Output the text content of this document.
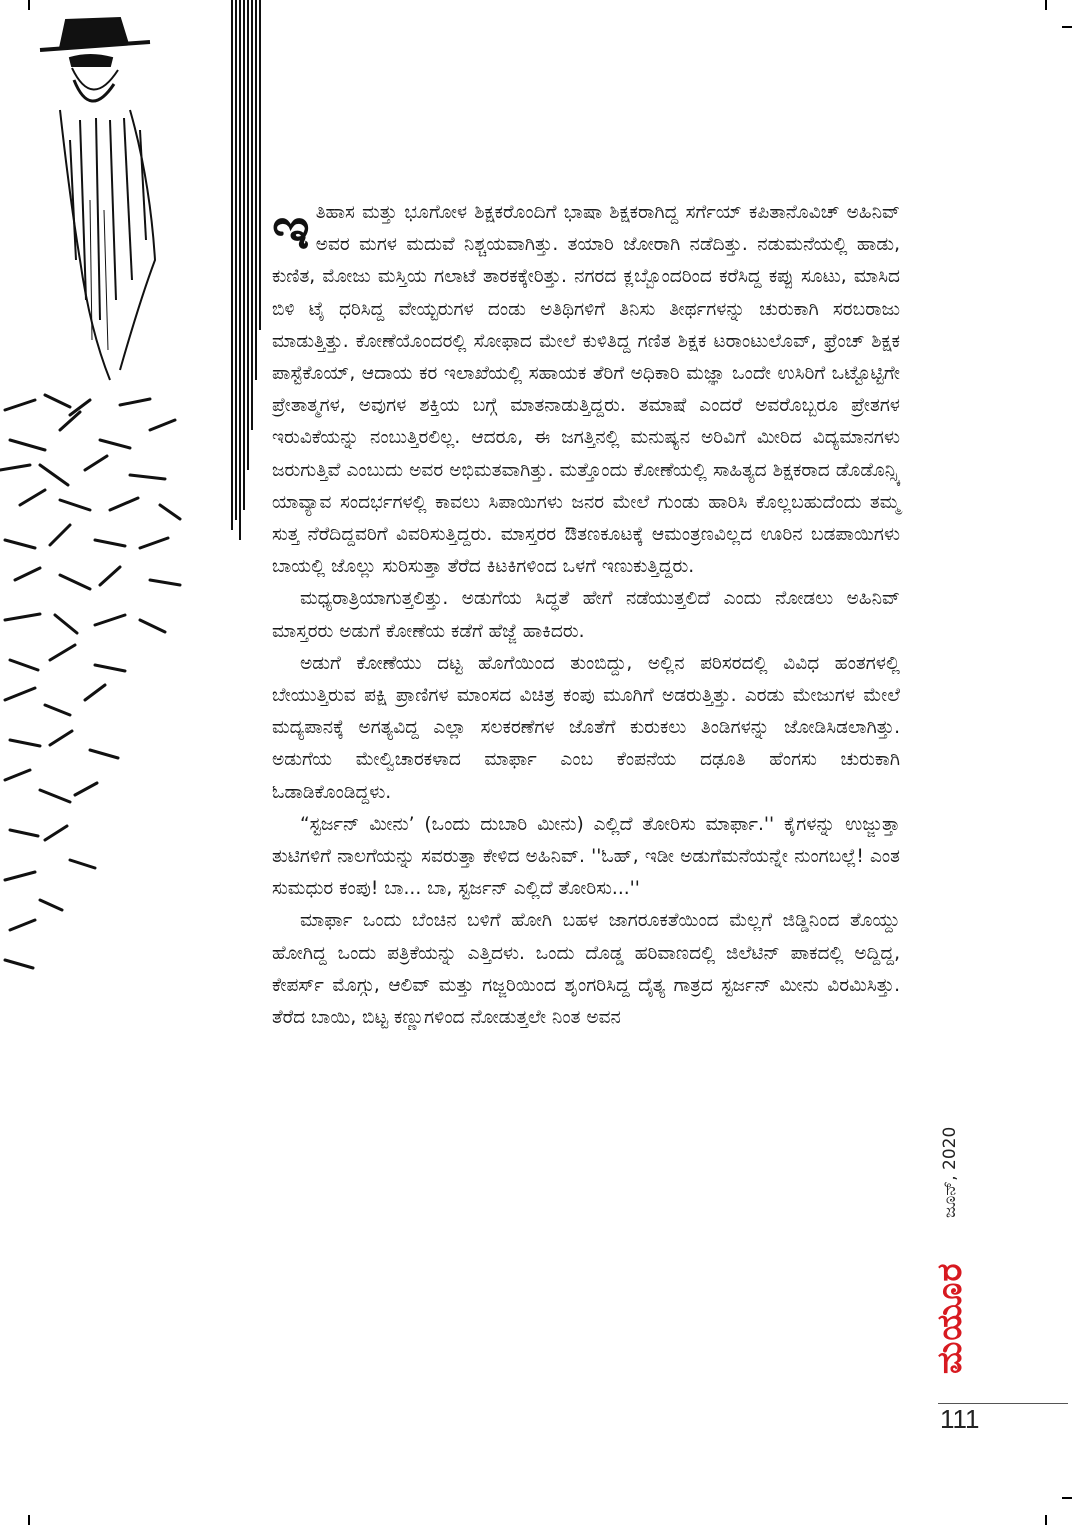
ಇತಿಹಾಸ ಮತ್ತು ಭೂಗೋಳ ಶಿಕ್ಷಕರೊಂದಿಗೆ ಭಾಷಾ ಶಿಕ್ಷಕರಾಗಿದ್ದ ಸರ್ಗೆಯ್ ಕಪಿತಾನೊವಿಚ್ ಅಹಿನಿವ್ ಅವರ ಮಗಳ ಮದುವೆ ನಿಶ್ಚಯವಾಗಿತ್ತು. ತಯಾರಿ ಜೋರಾಗಿ ನಡೆದಿತ್ತು. ನಡುಮನೆಯಲ್ಲಿ ಹಾಡು, ಕುಣಿತ, ಮೋಜು ಮಸ್ತಿಯ ಗಲಾಟೆ ತಾರಕಕ್ಕೇರಿತ್ತು. ನಗರದ ಕ್ಲಬ್ಬೊಂದರಿಂದ ಕರೆಸಿದ್ದ ಕಪ್ಪು ಸೂಟು, ಮಾಸಿದ ಬಿಳಿ ಟೈ ಧರಿಸಿದ್ದ ವೇಯ್ಟರುಗಳ ದಂಡು ಅತಿಥಿಗಳಿಗೆ ತಿನಿಸು ತೀರ್ಥಗಳನ್ನು ಚುರುಕಾಗಿ ಸರಬರಾಜು ಮಾಡುತ್ತಿತ್ತು. ಕೋಣೆಯೊಂದರಲ್ಲಿ ಸೋಫಾದ ಮೇಲೆ ಕುಳಿತಿದ್ದ ಗಣಿತ ಶಿಕ್ಷಕ ಟರಾಂಟುಲೊವ್, ಫ್ರೆಂಚ್ ಶಿಕ್ಷಕ ಪಾಸ್ಟೆಕೊಯ್, ಆದಾಯ ಕರ ಇಲಾಖೆಯಲ್ಲಿ ಸಹಾಯಕ ತೆರಿಗೆ ಅಧಿಕಾರಿ ಮಜ್ಞಾ ಒಂದೇ ಉಸಿರಿಗೆ ಒಟ್ಟೊಟ್ಟಿಗೇ ಪ್ರೇತಾತ್ಮಗಳ, ಅವುಗಳ ಶಕ್ತಿಯ ಬಗ್ಗೆ ಮಾತನಾಡುತ್ತಿದ್ದರು. ತಮಾಷೆ ಎಂದರೆ ಅವರೊಬ್ಬರೂ ಪ್ರೇತಗಳ ಇರುವಿಕೆಯನ್ನು ನಂಬುತ್ತಿರಲಿಲ್ಲ. ಆದರೂ, ಈ ಜಗತ್ತಿನಲ್ಲಿ ಮನುಷ್ಯನ ಅರಿವಿಗೆ ಮೀರಿದ ವಿದ್ಯಮಾನಗಳು ಜರುಗುತ್ತಿವೆ ಎಂಬುದು ಅವರ ಅಭಿಮತವಾಗಿತ್ತು. ಮತ್ತೊಂದು ಕೋಣೆಯಲ್ಲಿ ಸಾಹಿತ್ಯದ ಶಿಕ್ಷಕರಾದ ಡೊಡೊನ್ಸ್ಕಿ ಯಾವ್ಯಾವ ಸಂದರ್ಭಗಳಲ್ಲಿ ಕಾವಲು ಸಿಪಾಯಿಗಳು ಜನರ ಮೇಲೆ ಗುಂಡು ಹಾರಿಸಿ ಕೊಲ್ಲಬಹುದೆಂದು ತಮ್ಮ ಸುತ್ತ ನೆರೆದಿದ್ದವರಿಗೆ ವಿವರಿಸುತ್ತಿದ್ದರು. ಮಾಸ್ತರರ ಔತಣಕೂಟಕ್ಕೆ ಆಮಂತ್ರಣವಿಲ್ಲದ ಊರಿನ ಬಡಪಾಯಿಗಳು ಬಾಯಲ್ಲಿ ಜೊಲ್ಲು ಸುರಿಸುತ್ತಾ ತೆರೆದ ಕಿಟಕಿಗಳಿಂದ ಒಳಗೆ ಇಣುಕುತ್ತಿದ್ದರು.

ಮಧ್ಯರಾತ್ರಿಯಾಗುತ್ತಲಿತ್ತು. ಅಡುಗೆಯ ಸಿದ್ಧತೆ ಹೇಗೆ ನಡೆಯುತ್ತಲಿದೆ ಎಂದು ನೋಡಲು ಅಹಿನಿವ್ ಮಾಸ್ತರರು ಅಡುಗೆ ಕೋಣೆಯ ಕಡೆಗೆ ಹೆಜ್ಜೆ ಹಾಕಿದರು.

ಅಡುಗೆ ಕೋಣೆಯು ದಟ್ಟ ಹೊಗೆಯಿಂದ ತುಂಬಿದ್ದು, ಅಲ್ಲಿನ ಪರಿಸರದಲ್ಲಿ ವಿವಿಧ ಹಂತಗಳಲ್ಲಿ ಬೇಯುತ್ತಿರುವ ಪಕ್ಷಿ ಪ್ರಾಣಿಗಳ ಮಾಂಸದ ವಿಚಿತ್ರ ಕಂಪು ಮೂಗಿಗೆ ಅಡರುತ್ತಿತ್ತು. ಎರಡು ಮೇಜುಗಳ ಮೇಲೆ ಮದ್ಯಪಾನಕ್ಕೆ ಅಗತ್ಯವಿದ್ದ ಎಲ್ಲಾ ಸಲಕರಣೆಗಳ ಜೊತೆಗೆ ಕುರುಕಲು ತಿಂಡಿಗಳನ್ನು ಜೋಡಿಸಿಡಲಾಗಿತ್ತು. ಅಡುಗೆಯ ಮೇಲ್ವಿಚಾರಕಳಾದ ಮಾರ್ಫಾ ಎಂಬ ಕೆಂಪನೆಯ ದಢೂತಿ ಹೆಂಗಸು ಚುರುಕಾಗಿ ಓಡಾಡಿಕೊಂಡಿದ್ದಳು.

“ಸ್ಟರ್ಜನ್ ಮೀನು’ (ಒಂದು ದುಬಾರಿ ಮೀನು) ಎಲ್ಲಿದೆ ತೋರಿಸು ಮಾರ್ಫಾ.'' ಕೈಗಳನ್ನು ಉಜ್ಜುತ್ತಾ ತುಟಿಗಳಿಗೆ ನಾಲಗೆಯನ್ನು ಸವರುತ್ತಾ ಕೇಳಿದ ಅಹಿನಿವ್. ''ಓಹ್, ಇಡೀ ಅಡುಗೆಮನೆಯನ್ನೇ ನುಂಗಬಲ್ಲೆ! ಎಂತ ಸುಮಧುರ ಕಂಪು! ಬಾ... ಬಾ, ಸ್ಟರ್ಜನ್ ಎಲ್ಲಿದೆ ತೋರಿಸು...''

ಮಾರ್ಫಾ ಒಂದು ಬೆಂಚಿನ ಬಳಿಗೆ ಹೋಗಿ ಬಹಳ ಜಾಗರೂಕತೆಯಿಂದ ಮೆಲ್ಲಗೆ ಜಿಡ್ಡಿನಿಂದ ತೊಯ್ದು ಹೋಗಿದ್ದ ಒಂದು ಪತ್ರಿಕೆಯನ್ನು ಎತ್ತಿದಳು. ಒಂದು ದೊಡ್ಡ ಹರಿವಾಣದಲ್ಲಿ ಜಿಲೆಟಿನ್ ಪಾಕದಲ್ಲಿ ಅದ್ದಿದ್ದ, ಕೇಪರ್ಸ್ ಮೊಗ್ಗು, ಆಲಿವ್ ಮತ್ತು ಗಜ್ಜರಿಯಿಂದ ಶೃಂಗರಿಸಿದ್ದ ದೈತ್ಯ ಗಾತ್ರದ ಸ್ಟರ್ಜನ್ ಮೀನು ವಿರಮಿಸಿತ್ತು. ತೆರೆದ ಬಾಯಿ, ಬಿಟ್ಟ ಕಣ್ಣುಗಳಿಂದ ನೋಡುತ್ತಲೇ ನಿಂತ ಅವನ

ಜೂನ್, 2020
ಮಯೂರ
111
